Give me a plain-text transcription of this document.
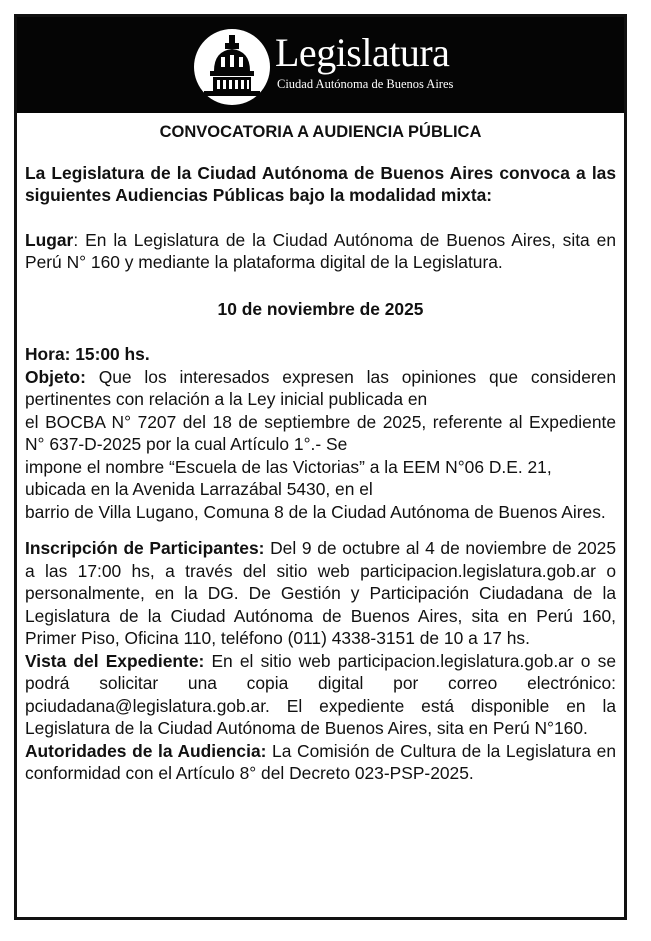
Legislatura
Ciudad Autónoma de Buenos Aires

CONVOCATORIA A AUDIENCIA PÚBLICA

La Legislatura de la Ciudad Autónoma de Buenos Aires convoca a las siguientes Audiencias Públicas bajo la modalidad mixta:

Lugar: En la Legislatura de la Ciudad Autónoma de Buenos Aires, sita en Perú N° 160 y mediante la plataforma digital de la Legislatura.

10 de noviembre de 2025

Hora: 15:00 hs.

Objeto: Que los interesados expresen las opiniones que consideren pertinentes con relación a la Ley inicial publicada en

el BOCBA N° 7207 del 18 de septiembre de 2025, referente al Expediente N° 637-D-2025 por la cual Artículo 1°.- Se

impone el nombre “Escuela de las Victorias” a la EEM N°06 D.E. 21, ubicada en la Avenida Larrazábal 5430, en el

barrio de Villa Lugano, Comuna 8 de la Ciudad Autónoma de Buenos Aires.

Inscripción de Participantes: Del 9 de octubre al 4 de noviembre de 2025 a las 17:00 hs, a través del sitio web participacion.legislatura.gob.ar o personalmente, en la DG. De Gestión y Participación Ciudadana de la Legislatura de la Ciudad Autónoma de Buenos Aires, sita en Perú 160, Primer Piso, Oficina 110, teléfono (011) 4338-3151 de 10 a 17 hs.

Vista del Expediente: En el sitio web participacion.legislatura.gob.ar o se podrá solicitar una copia digital por correo electrónico: pciudadana@legislatura.gob.ar. El expediente está disponible en la Legislatura de la Ciudad Autónoma de Buenos Aires, sita en Perú N°160.

Autoridades de la Audiencia: La Comisión de Cultura de la Legislatura en conformidad con el Artículo 8° del Decreto 023-PSP-2025.
